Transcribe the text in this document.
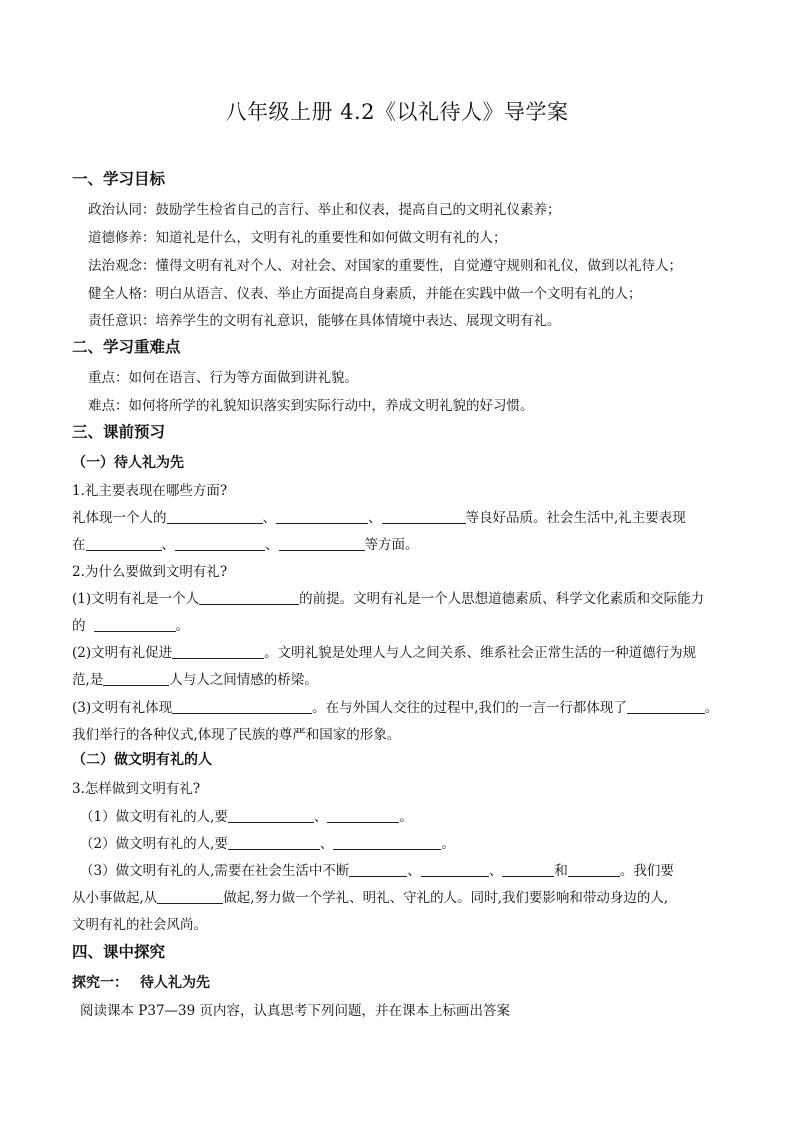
八年级上册 4.2《以礼待人》导学案
一、学习目标
政治认同：鼓励学生检省自己的言行、举止和仪表，提高自己的文明礼仪素养；
道德修养：知道礼是什么，文明有礼的重要性和如何做文明有礼的人；
法治观念：懂得文明有礼对个人、对社会、对国家的重要性，自觉遵守规则和礼仪，做到以礼待人；
健全人格：明白从语言、仪表、举止方面提高自身素质，并能在实践中做一个文明有礼的人；
责任意识：培养学生的文明有礼意识，能够在具体情境中表达、展现文明有礼。
二、学习重难点
重点：如何在语言、行为等方面做到讲礼貌。
难点：如何将所学的礼貌知识落实到实际行动中，养成文明礼貌的好习惯。
三、课前预习
（一）待人礼为先
1.礼主要表现在哪些方面?
礼体现一个人的	、	、	等良好品质。社会生活中,礼主要表现
在	、	、	等方面。
2.为什么要做到文明有礼?
(1)文明有礼是一个人	的前提。文明有礼是一个人思想道德素质、科学文化素质和交际能力
的	。
(2)文明有礼促进	。文明礼貌是处理人与人之间关系、维系社会正常生活的一种道德行为规
范,是	人与人之间情感的桥梁。
(3)文明有礼体现	。在与外国人交往的过程中,我们的一言一行都体现了	。
我们举行的各种仪式,体现了民族的尊严和国家的形象。
（二）做文明有礼的人
3.怎样做到文明有礼?
（1）做文明有礼的人,要	、	。
（2）做文明有礼的人,要	、	。
（3）做文明有礼的人,需要在社会生活中不断	、	、	和	。我们要
从小事做起,从	做起,努力做一个学礼、明礼、守礼的人。同时,我们要影响和带动身边的人,
文明有礼的社会风尚。
四、课中探究
探究一： 待人礼为先
阅读课本 P37—39 页内容，认真思考下列问题，并在课本上标画出答案
